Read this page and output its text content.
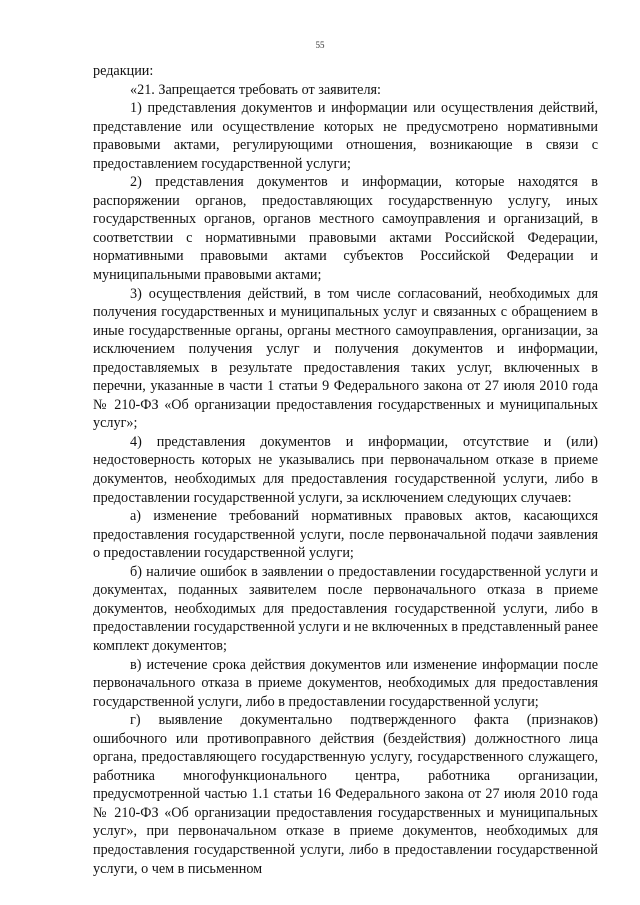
55

редакции:

«21. Запрещается требовать от заявителя:

1) представления документов и информации или осуществления действий, представление или осуществление которых не предусмотрено нормативными правовыми актами, регулирующими отношения, возникающие в связи с предоставлением государственной услуги;

2) представления документов и информации, которые находятся в распоряжении органов, предоставляющих государственную услугу, иных государственных органов, органов местного самоуправления и организаций, в соответствии с нормативными правовыми актами Российской Федерации, нормативными правовыми актами субъектов Российской Федерации и муниципальными правовыми актами;

3) осуществления действий, в том числе согласований, необходимых для получения государственных и муниципальных услуг и связанных с обращением в иные государственные органы, органы местного самоуправления, организации, за исключением получения услуг и получения документов и информации, предоставляемых в результате предоставления таких услуг, включенных в перечни, указанные в части 1 статьи 9 Федерального закона от 27 июля 2010 года № 210-ФЗ «Об организации предоставления государственных и муниципальных услуг»;

4) представления документов и информации, отсутствие и (или) недостоверность которых не указывались при первоначальном отказе в приеме документов, необходимых для предоставления государственной услуги, либо в предоставлении государственной услуги, за исключением следующих случаев:

а) изменение требований нормативных правовых актов, касающихся предоставления государственной услуги, после первоначальной подачи заявления о предоставлении государственной услуги;

б) наличие ошибок в заявлении о предоставлении государственной услуги и документах, поданных заявителем после первоначального отказа в приеме документов, необходимых для предоставления государственной услуги, либо в предоставлении государственной услуги и не включенных в представленный ранее комплект документов;

в) истечение срока действия документов или изменение информации после первоначального отказа в приеме документов, необходимых для предоставления государственной услуги, либо в предоставлении государственной услуги;

г) выявление документально подтвержденного факта (признаков) ошибочного или противоправного действия (бездействия) должностного лица органа, предоставляющего государственную услугу, государственного служащего, работника многофункционального центра, работника организации, предусмотренной частью 1.1 статьи 16 Федерального закона от 27 июля 2010 года № 210-ФЗ «Об организации предоставления государственных и муниципальных услуг», при первоначальном отказе в приеме документов, необходимых для предоставления государственной услуги, либо в предоставлении государственной услуги, о чем в письменном
